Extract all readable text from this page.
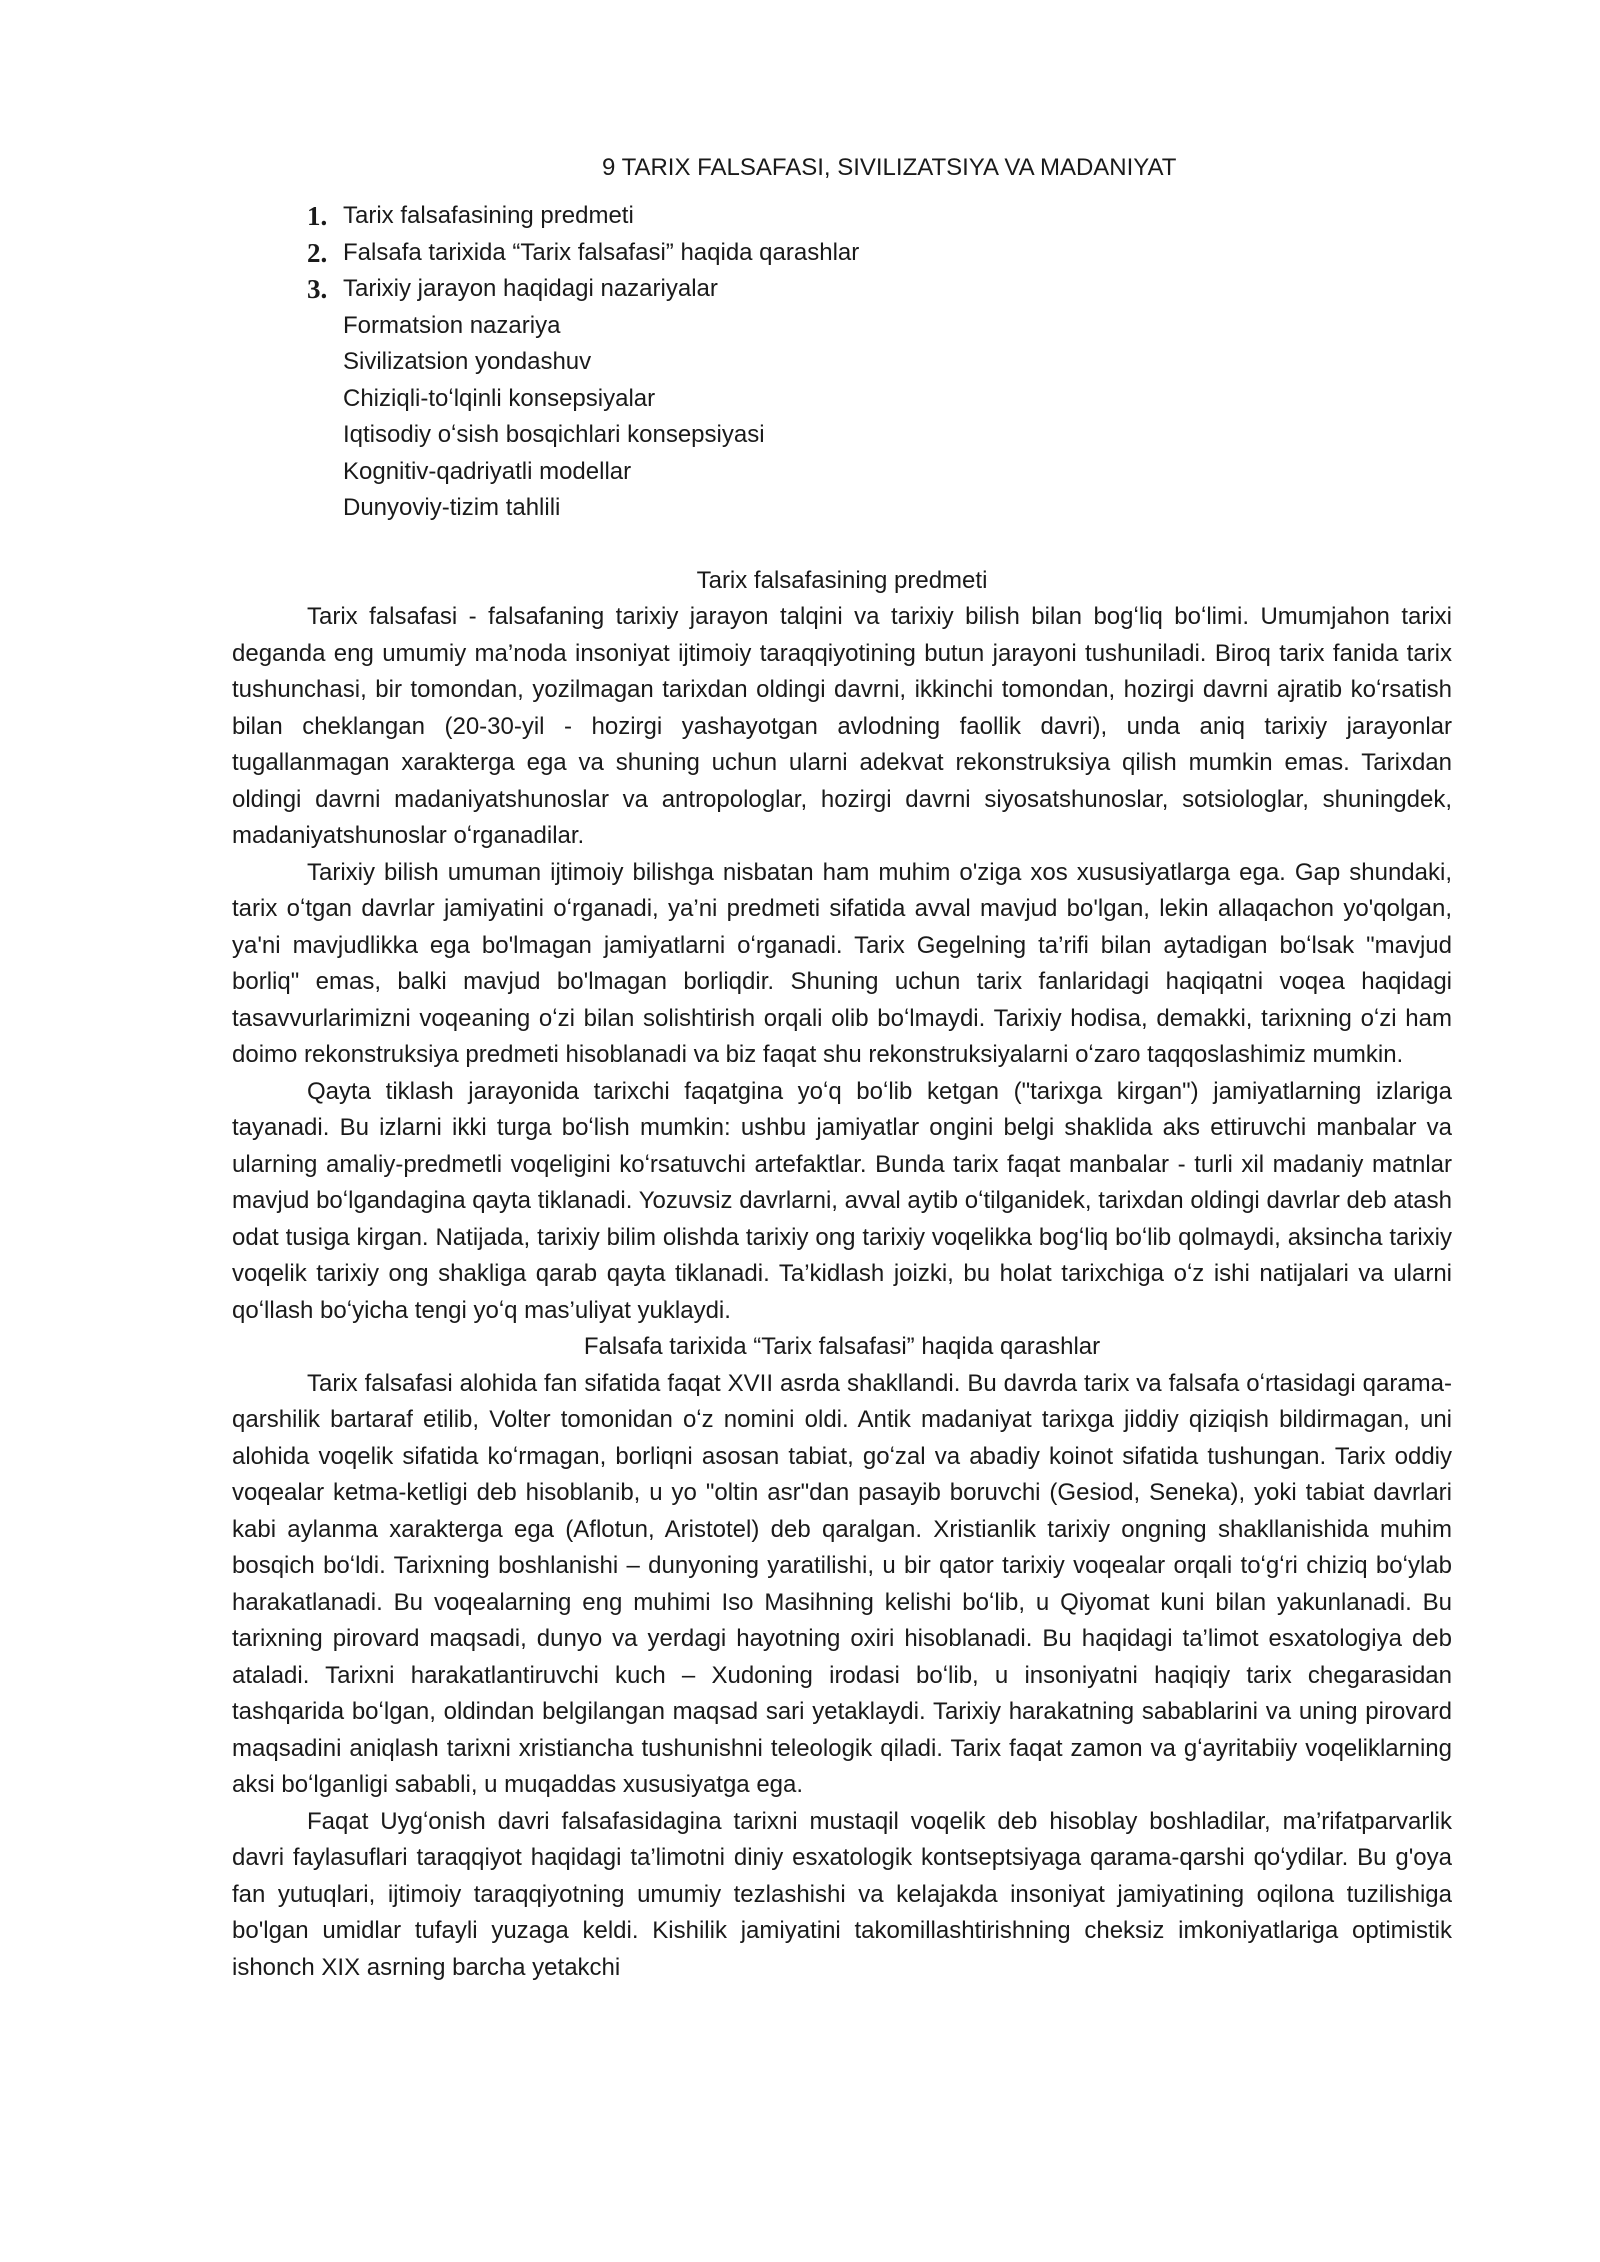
9 TARIX FALSAFASI, SIVILIZATSIYA VA MADANIYAT
1. Tarix falsafasining predmeti
2. Falsafa tarixida “Tarix falsafasi” haqida qarashlar
3. Tarixiy jarayon haqidagi nazariyalar
Formatsion nazariya
Sivilizatsion yondashuv
Chiziqli-toʻlqinli konsepsiyalar
Iqtisodiy oʻsish bosqichlari konsepsiyasi
Kognitiv-qadriyatli modellar
Dunyoviy-tizim tahlili
Tarix falsafasining predmeti

Tarix falsafasi - falsafaning tarixiy jarayon talqini va tarixiy bilish bilan bogʻliq boʻlimi. Umumjahon tarixi deganda eng umumiy ma’noda insoniyat ijtimoiy taraqqiyotining butun jarayoni tushuniladi. Biroq tarix fanida tarix tushunchasi, bir tomondan, yozilmagan tarixdan oldingi davrni, ikkinchi tomondan, hozirgi davrni ajratib koʻrsatish bilan cheklangan (20-30-yil - hozirgi yashayotgan avlodning faollik davri), unda aniq tarixiy jarayonlar tugallanmagan xarakterga ega va shuning uchun ularni adekvat rekonstruksiya qilish mumkin emas. Tarixdan oldingi davrni madaniyatshunoslar va antropologlar, hozirgi davrni siyosatshunoslar, sotsiologlar, shuningdek, madaniyatshunoslar oʻrganadilar.

Tarixiy bilish umuman ijtimoiy bilishga nisbatan ham muhim o'ziga xos xususiyatlarga ega. Gap shundaki, tarix oʻtgan davrlar jamiyatini oʻrganadi, ya’ni predmeti sifatida avval mavjud bo'lgan, lekin allaqachon yo'qolgan, ya'ni mavjudlikka ega bo'lmagan jamiyatlarni oʻrganadi. Tarix Gegelning ta’rifi bilan aytadigan boʻlsak "mavjud borliq" emas, balki mavjud bo'lmagan borliqdir. Shuning uchun tarix fanlaridagi haqiqatni voqea haqidagi tasavvurlarimizni voqeaning oʻzi bilan solishtirish orqali olib boʻlmaydi. Tarixiy hodisa, demakki, tarixning oʻzi ham doimo rekonstruksiya predmeti hisoblanadi va biz faqat shu rekonstruksiyalarni oʻzaro taqqoslashimiz mumkin.

Qayta tiklash jarayonida tarixchi faqatgina yoʻq boʻlib ketgan ("tarixga kirgan") jamiyatlarning izlariga tayanadi. Bu izlarni ikki turga boʻlish mumkin: ushbu jamiyatlar ongini belgi shaklida aks ettiruvchi manbalar va ularning amaliy-predmetli voqeligini koʻrsatuvchi artefaktlar. Bunda tarix faqat manbalar - turli xil madaniy matnlar mavjud boʻlgandagina qayta tiklanadi. Yozuvsiz davrlarni, avval aytib oʻtilganidek, tarixdan oldingi davrlar deb atash odat tusiga kirgan. Natijada, tarixiy bilim olishda tarixiy ong tarixiy voqelikka bogʻliq boʻlib qolmaydi, aksincha tarixiy voqelik tarixiy ong shakliga qarab qayta tiklanadi. Ta’kidlash joizki, bu holat tarixchiga oʻz ishi natijalari va ularni qoʻllash boʻyicha tengi yoʻq mas’uliyat yuklaydi.

Falsafa tarixida “Tarix falsafasi” haqida qarashlar

Tarix falsafasi alohida fan sifatida faqat XVII asrda shakllandi. Bu davrda tarix va falsafa oʻrtasidagi qarama-qarshilik bartaraf etilib, Volter tomonidan oʻz nomini oldi. Antik madaniyat tarixga jiddiy qiziqish bildirmagan, uni alohida voqelik sifatida koʻrmagan, borliqni asosan tabiat, goʻzal va abadiy koinot sifatida tushungan. Tarix oddiy voqealar ketma-ketligi deb hisoblanib, u yo "oltin asr"dan pasayib boruvchi (Gesiod, Seneka), yoki tabiat davrlari kabi aylanma xarakterga ega (Aflotun, Aristotel) deb qaralgan. Xristianlik tarixiy ongning shakllanishida muhim bosqich boʻldi. Tarixning boshlanishi – dunyoning yaratilishi, u bir qator tarixiy voqealar orqali toʻgʻri chiziq boʻylab harakatlanadi. Bu voqealarning eng muhimi Iso Masihning kelishi boʻlib, u Qiyomat kuni bilan yakunlanadi. Bu tarixning pirovard maqsadi, dunyo va yerdagi hayotning oxiri hisoblanadi. Bu haqidagi ta’limot esxatologiya deb ataladi. Tarixni harakatlantiruvchi kuch – Xudoning irodasi boʻlib, u insoniyatni haqiqiy tarix chegarasidan tashqarida boʻlgan, oldindan belgilangan maqsad sari yetaklaydi. Tarixiy harakatning sabablarini va uning pirovard maqsadini aniqlash tarixni xristiancha tushunishni teleologik qiladi. Tarix faqat zamon va gʻayritabiiy voqeliklarning aksi boʻlganligi sababli, u muqaddas xususiyatga ega.

Faqat Uygʻonish davri falsafasidagina tarixni mustaqil voqelik deb hisoblay boshladilar, ma’rifatparvarlik davri faylasuflari taraqqiyot haqidagi ta’limotni diniy esxatologik kontseptsiyaga qarama-qarshi qoʻydilar. Bu g'oya fan yutuqlari, ijtimoiy taraqqiyotning umumiy tezlashishi va kelajakda insoniyat jamiyatining oqilona tuzilishiga bo'lgan umidlar tufayli yuzaga keldi. Kishilik jamiyatini takomillashtirishning cheksiz imkoniyatlariga optimistik ishonch XIX asrning barcha yetakchi
